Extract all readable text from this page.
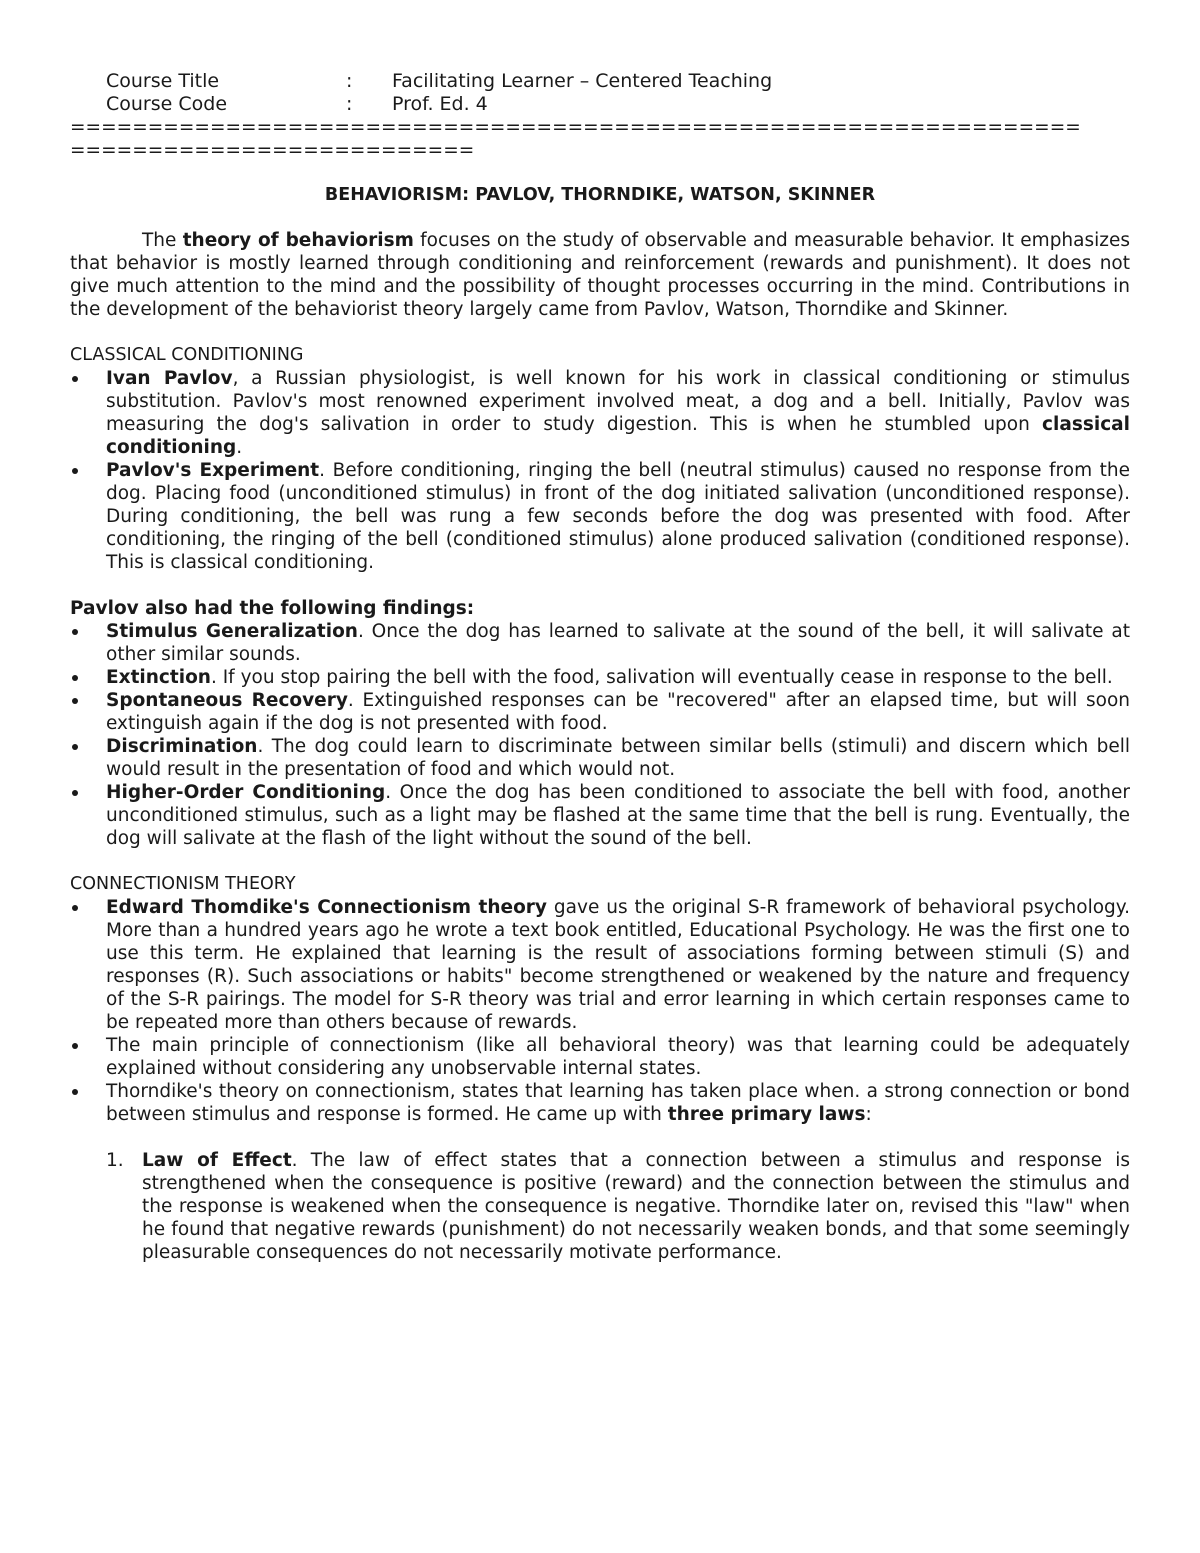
Course Title	: Facilitating Learner – Centered Teaching
Course Code	: Prof. Ed. 4
=================================================================
==========================
BEHAVIORISM: PAVLOV, THORNDIKE, WATSON, SKINNER

The theory of behaviorism focuses on the study of observable and measurable behavior. It emphasizes that behavior is mostly learned through conditioning and reinforcement (rewards and punishment). It does not give much attention to the mind and the possibility of thought processes occurring in the mind. Contributions in the development of the behaviorist theory largely came from Pavlov, Watson, Thorndike and Skinner.

CLASSICAL CONDITIONING
Ivan Pavlov, a Russian physiologist, is well known for his work in classical conditioning or stimulus substitution. Pavlov's most renowned experiment involved meat, a dog and a bell. Initially, Pavlov was measuring the dog's salivation in order to study digestion. This is when he stumbled upon classical conditioning.
Pavlov's Experiment. Before conditioning, ringing the bell (neutral stimulus) caused no response from the dog. Placing food (unconditioned stimulus) in front of the dog initiated salivation (unconditioned response). During conditioning, the bell was rung a few seconds before the dog was presented with food. After conditioning, the ringing of the bell (conditioned stimulus) alone produced salivation (conditioned response). This is classical conditioning.
Pavlov also had the following findings:
Stimulus Generalization. Once the dog has learned to salivate at the sound of the bell, it will salivate at other similar sounds.
Extinction. If you stop pairing the bell with the food, salivation will eventually cease in response to the bell.
Spontaneous Recovery. Extinguished responses can be "recovered" after an elapsed time, but will soon extinguish again if the dog is not presented with food.
Discrimination. The dog could learn to discriminate between similar bells (stimuli) and discern which bell would result in the presentation of food and which would not.
Higher-Order Conditioning. Once the dog has been conditioned to associate the bell with food, another unconditioned stimulus, such as a light may be flashed at the same time that the bell is rung. Eventually, the dog will salivate at the flash of the light without the sound of the bell.
CONNECTIONISM THEORY
Edward Thomdike's Connectionism theory gave us the original S-R framework of behavioral psychology. More than a hundred years ago he wrote a text book entitled, Educational Psychology. He was the first one to use this term. He explained that learning is the result of associations forming between stimuli (S) and responses (R). Such associations or habits" become strengthened or weakened by the nature and frequency of the S-R pairings. The model for S-R theory was trial and error learning in which certain responses came to be repeated more than others because of rewards.
The main principle of connectionism (like all behavioral theory) was that learning could be adequately explained without considering any unobservable internal states.
Thorndike's theory on connectionism, states that learning has taken place when. a strong connection or bond between stimulus and response is formed. He came up with three primary laws:
1. Law of Effect. The law of effect states that a connection between a stimulus and response is strengthened when the consequence is positive (reward) and the connection between the stimulus and the response is weakened when the consequence is negative. Thorndike later on, revised this "law" when he found that negative rewards (punishment) do not necessarily weaken bonds, and that some seemingly pleasurable consequences do not necessarily motivate performance.
